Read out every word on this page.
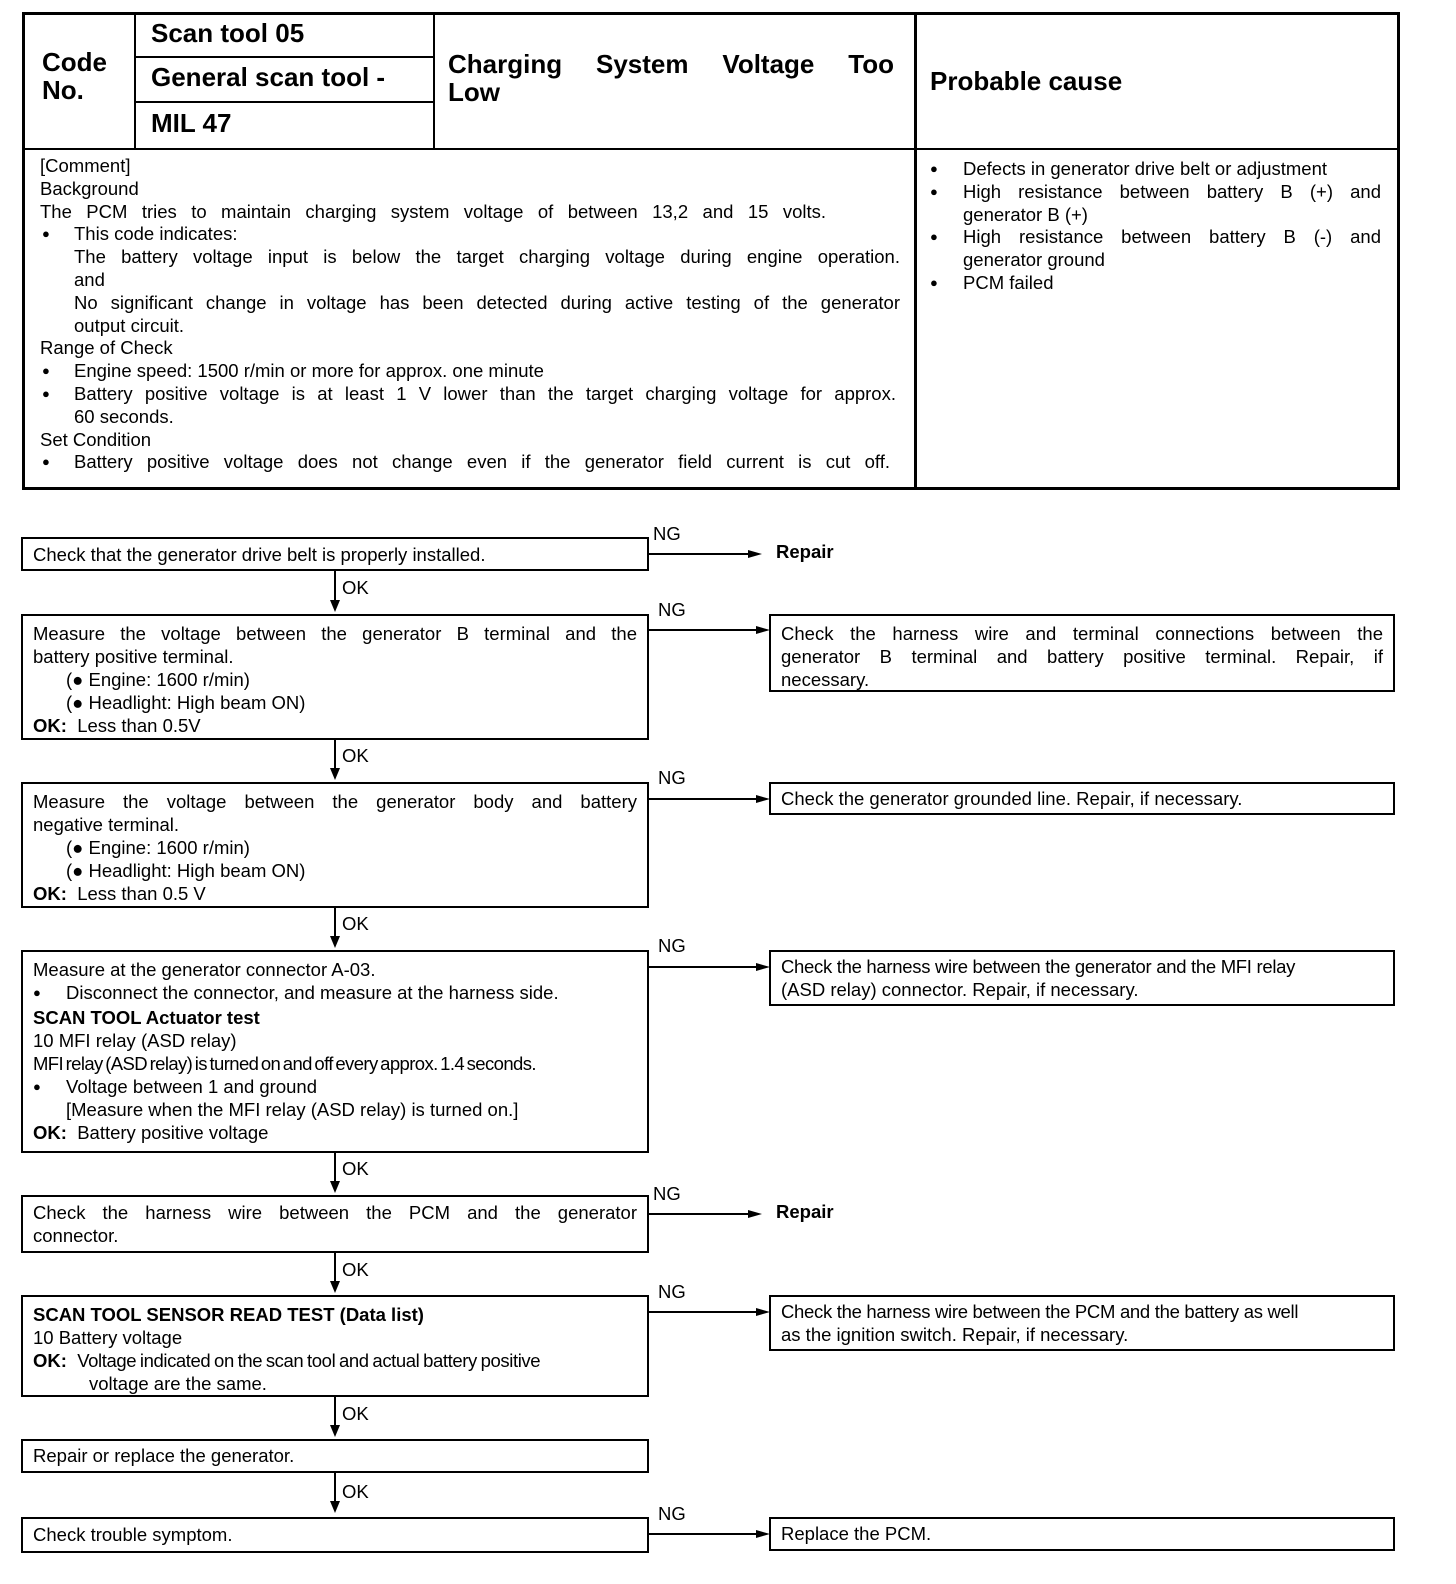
Code No.
Scan tool 05
General scan tool -
MIL 47
Charging System Voltage Too Low	Probable cause
[Comment]
Background
The PCM tries to maintain charging system voltage of between 13,2 and 15 volts.
● This code indicates:
The battery voltage input is below the target charging voltage during engine operation.
and
No significant change in voltage has been detected during active testing of the generator
output circuit.
Range of Check
● Engine speed: 1500 r/min or more for approx. one minute
● Battery positive voltage is at least 1 V lower than the target charging voltage for approx.
60 seconds.
Set Condition
● Battery positive voltage does not change even if the generator field current is cut off.
● Defects in generator drive belt or adjustment
● High resistance between battery B (+) and
generator B (+)
● High resistance between battery B (-) and
generator ground
● PCM failed
Check that the generator drive belt is properly installed.
NG
Repair
OK
Measure the voltage between the generator B terminal and the
battery positive terminal.
(● Engine: 1600 r/min)
(● Headlight: High beam ON)
OK: Less than 0.5V
NG
Check the harness wire and terminal connections between the
generator B terminal and battery positive terminal. Repair, if
necessary.
OK
Measure the voltage between the generator body and battery
negative terminal.
(● Engine: 1600 r/min)
(● Headlight: High beam ON)
OK: Less than 0.5 V
NG
Check the generator grounded line. Repair, if necessary.
OK
Measure at the generator connector A-03.
● Disconnect the connector, and measure at the harness side.
SCAN TOOL Actuator test
10 MFI relay (ASD relay)
MFI relay (ASD relay) is turned on and off every approx. 1.4 seconds.
● Voltage between 1 and ground
[Measure when the MFI relay (ASD relay) is turned on.]
OK: Battery positive voltage
NG
Check the harness wire between the generator and the MFI relay
(ASD relay) connector. Repair, if necessary.
OK
Check the harness wire between the PCM and the generator
connector.
NG
Repair
OK
SCAN TOOL SENSOR READ TEST (Data list)
10 Battery voltage
OK: Voltage indicated on the scan tool and actual battery positive
voltage are the same.
NG
Check the harness wire between the PCM and the battery as well
as the ignition switch. Repair, if necessary.
OK
Repair or replace the generator.
OK
Check trouble symptom.
NG
Replace the PCM.
